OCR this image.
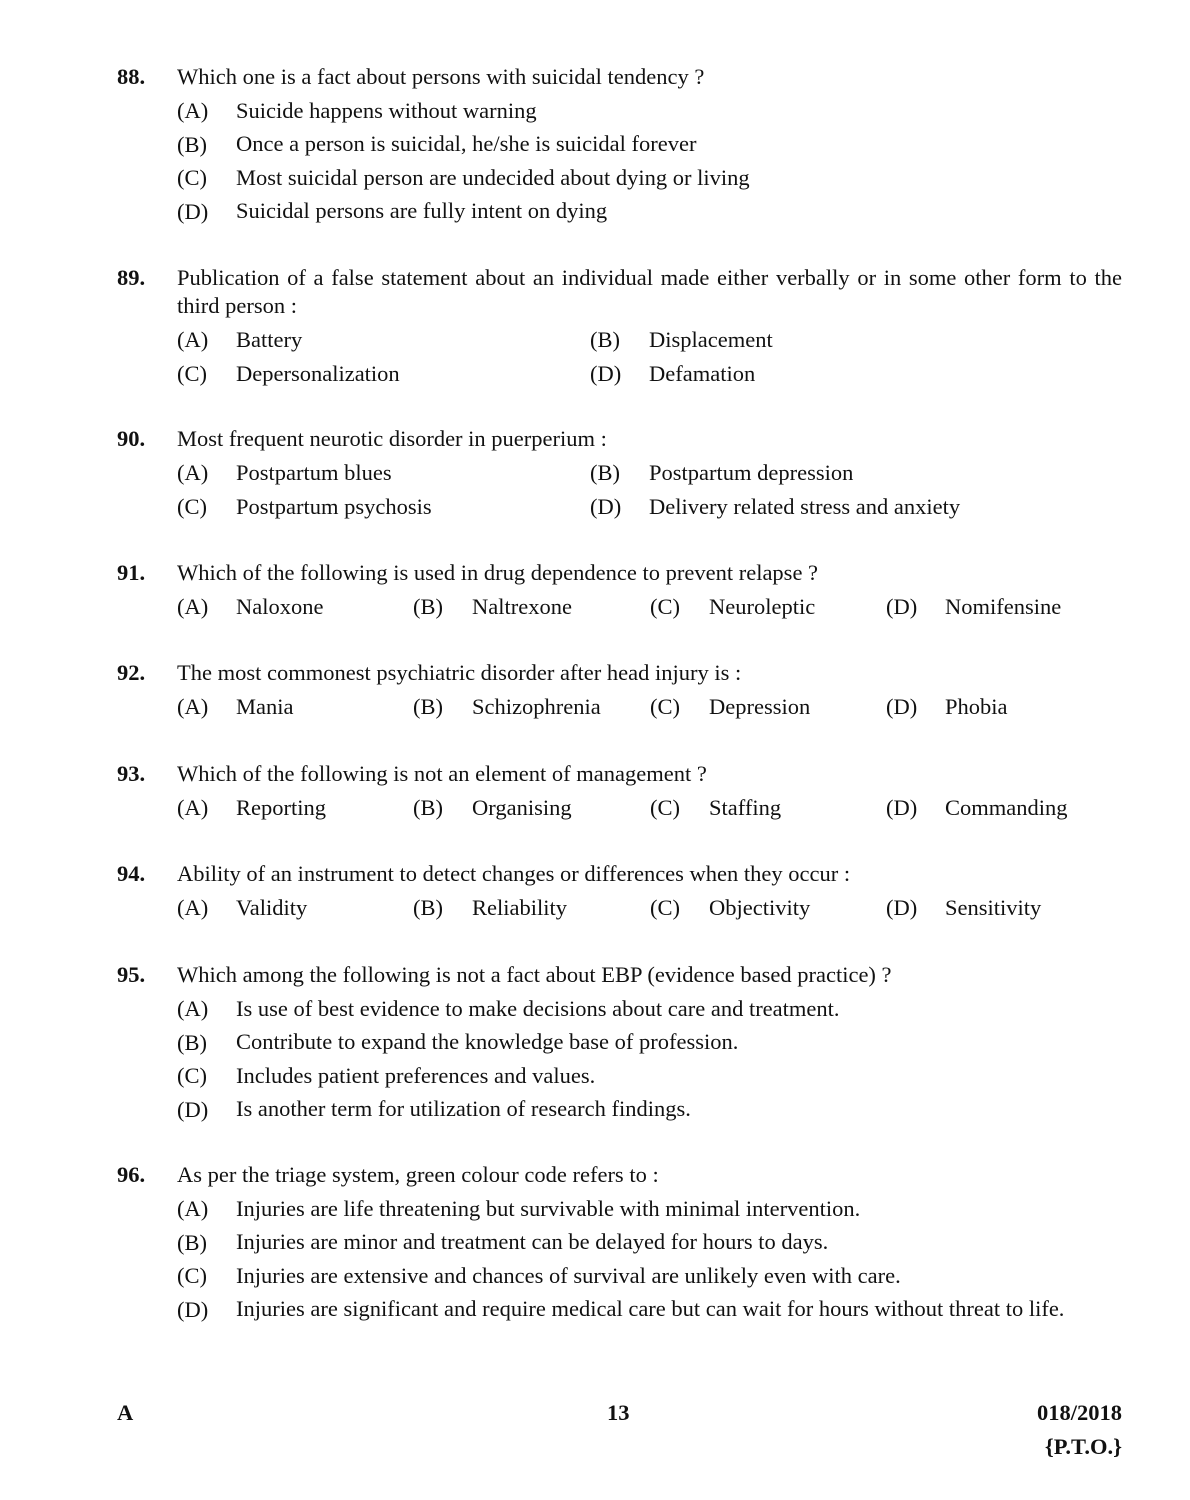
88. Which one is a fact about persons with suicidal tendency ?
(A) Suicide happens without warning
(B) Once a person is suicidal, he/she is suicidal forever
(C) Most suicidal person are undecided about dying or living
(D) Suicidal persons are fully intent on dying
89. Publication of a false statement about an individual made either verbally or in some other form to the third person :
(A) Battery	(B) Displacement
(C) Depersonalization	(D) Defamation
90. Most frequent neurotic disorder in puerperium :
(A) Postpartum blues	(B) Postpartum depression
(C) Postpartum psychosis	(D) Delivery related stress and anxiety
91. Which of the following is used in drug dependence to prevent relapse ?
(A) Naloxone	(B) Naltrexone	(C) Neuroleptic	(D) Nomifensine
92. The most commonest psychiatric disorder after head injury is :
(A) Mania	(B) Schizophrenia (C) Depression	(D) Phobia
93. Which of the following is not an element of management ?
(A) Reporting	(B) Organising	(C) Staffing	(D) Commanding
94. Ability of an instrument to detect changes or differences when they occur :
(A) Validity	(B) Reliability	(C) Objectivity	(D) Sensitivity
95. Which among the following is not a fact about EBP (evidence based practice) ?
(A) Is use of best evidence to make decisions about care and treatment.
(B) Contribute to expand the knowledge base of profession.
(C) Includes patient preferences and values.
(D) Is another term for utilization of research findings.
96. As per the triage system, green colour code refers to :
(A) Injuries are life threatening but survivable with minimal intervention.
(B) Injuries are minor and treatment can be delayed for hours to days.
(C) Injuries are extensive and chances of survival are unlikely even with care.
(D) Injuries are significant and require medical care but can wait for hours without threat to life.
A	13	018/2018
{P.T.O.}
